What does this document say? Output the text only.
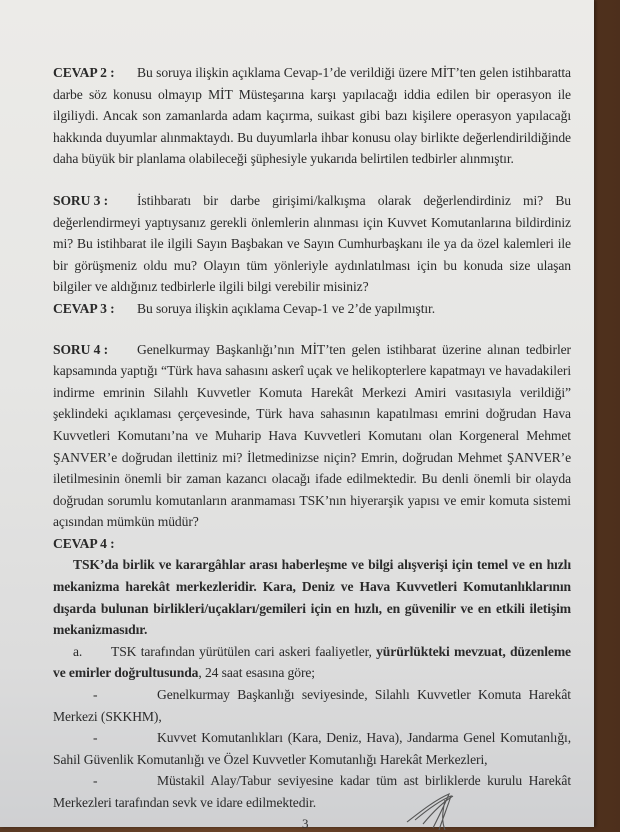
CEVAP 2 : Bu soruya ilişkin açıklama Cevap-1’de verildiği üzere MİT’ten gelen istihbaratta darbe söz konusu olmayıp MİT Müsteşarına karşı yapılacağı iddia edilen bir operasyon ile ilgiliydi. Ancak son zamanlarda adam kaçırma, suikast gibi bazı kişilere operasyon yapılacağı hakkında duyumlar alınmaktaydı. Bu duyumlarla ihbar konusu olay birlikte değerlendirildiğinde daha büyük bir planlama olabileceği şüphesiyle yukarıda belirtilen tedbirler alınmıştır.

SORU 3 : İstihbaratı bir darbe girişimi/kalkışma olarak değerlendirdiniz mi? Bu değerlendirmeyi yaptıysanız gerekli önlemlerin alınması için Kuvvet Komutanlarına bildirdiniz mi? Bu istihbarat ile ilgili Sayın Başbakan ve Sayın Cumhurbaşkanı ile ya da özel kalemleri ile bir görüşmeniz oldu mu? Olayın tüm yönleriyle aydınlatılması için bu konuda size ulaşan bilgiler ve aldığınız tedbirlerle ilgili bilgi verebilir misiniz?

CEVAP 3 : Bu soruya ilişkin açıklama Cevap-1 ve 2’de yapılmıştır.

SORU 4 : Genelkurmay Başkanlığı’nın MİT’ten gelen istihbarat üzerine alınan tedbirler kapsamında yaptığı “Türk hava sahasını askerî uçak ve helikopterlere kapatmayı ve havadakileri indirme emrinin Silahlı Kuvvetler Komuta Harekât Merkezi Amiri vasıtasıyla verildiği” şeklindeki açıklaması çerçevesinde, Türk hava sahasının kapatılması emrini doğrudan Hava Kuvvetleri Komutanı’na ve Muharip Hava Kuvvetleri Komutanı olan Korgeneral Mehmet ŞANVER’e doğrudan ilettiniz mi? İletmedinizse niçin? Emrin, doğrudan Mehmet ŞANVER’e iletilmesinin önemli bir zaman kazancı olacağı ifade edilmektedir. Bu denli önemli bir olayda doğrudan sorumlu komutanların aranmaması TSK’nın hiyerarşik yapısı ve emir komuta sistemi açısından mümkün müdür?

CEVAP 4 :

TSK’da birlik ve karargâhlar arası haberleşme ve bilgi alışverişi için temel ve en hızlı mekanizma harekât merkezleridir. Kara, Deniz ve Hava Kuvvetleri Komutanlıklarının dışarda bulunan birlikleri/uçakları/gemileri için en hızlı, en güvenilir ve en etkili iletişim mekanizmasıdır.

a. TSK tarafından yürütülen cari askeri faaliyetler, yürürlükteki mevzuat, düzenleme ve emirler doğrultusunda, 24 saat esasına göre;

-	Genelkurmay Başkanlığı seviyesinde, Silahlı Kuvvetler Komuta Harekât Merkezi (SKKHM),

-	Kuvvet Komutanlıkları (Kara, Deniz, Hava), Jandarma Genel Komutanlığı, Sahil Güvenlik Komutanlığı ve Özel Kuvvetler Komutanlığı Harekât Merkezleri,

-	Müstakil Alay/Tabur seviyesine kadar tüm ast birliklerde kurulu Harekât Merkezleri tarafından sevk ve idare edilmektedir.

3
